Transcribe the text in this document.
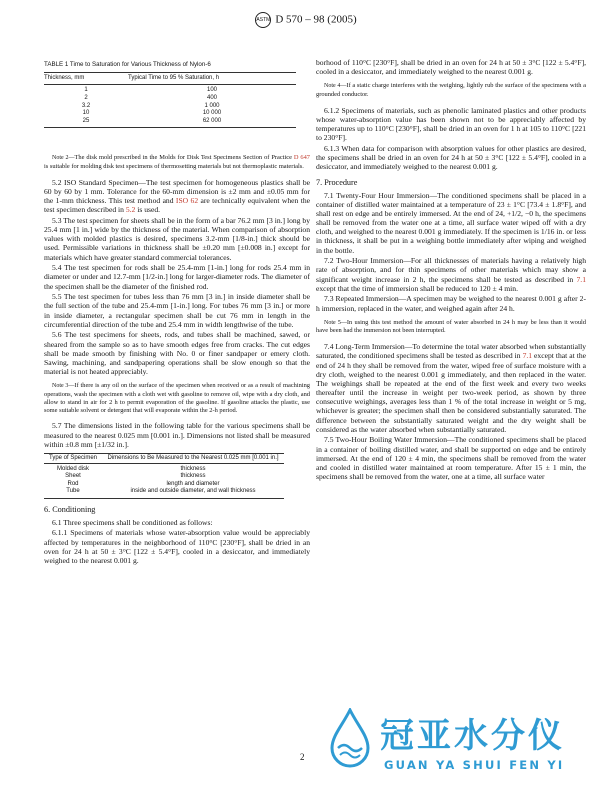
ASTM D 570 – 98 (2005)
TABLE 1 Time to Saturation for Various Thickness of Nylon-6
Thickness, mm	Typical Time to 95 % Saturation, h
1	100
2	400
3.2	1 000
10	10 000
25	62 000

Note 2—The disk mold prescribed in the Molds for Disk Test Specimens Section of Practice D 647 is suitable for molding disk test specimens of thermosetting materials but not thermoplastic materials.

5.2 ISO Standard Specimen—The test specimen for homogeneous plastics shall be 60 by 60 by 1 mm. Tolerance for the 60-mm dimension is ±2 mm and ±0.05 mm for the 1-mm thickness. This test method and ISO 62 are technically equivalent when the test specimen described in 5.2 is used.

5.3 The test specimen for sheets shall be in the form of a bar 76.2 mm [3 in.] long by 25.4 mm [1 in.] wide by the thickness of the material. When comparison of absorption values with molded plastics is desired, specimens 3.2-mm [1/8-in.] thick should be used. Permissible variations in thickness shall be ±0.20 mm [±0.008 in.] except for materials which have greater standard commercial tolerances.

5.4 The test specimen for rods shall be 25.4-mm [1-in.] long for rods 25.4 mm in diameter or under and 12.7-mm [1/2-in.] long for larger-diameter rods. The diameter of the specimen shall be the diameter of the finished rod.

5.5 The test specimen for tubes less than 76 mm [3 in.] in inside diameter shall be the full section of the tube and 25.4-mm [1-in.] long. For tubes 76 mm [3 in.] or more in inside diameter, a rectangular specimen shall be cut 76 mm in length in the circumferential direction of the tube and 25.4 mm in width lengthwise of the tube.

5.6 The test specimens for sheets, rods, and tubes shall be machined, sawed, or sheared from the sample so as to have smooth edges free from cracks. The cut edges shall be made smooth by finishing with No. 0 or finer sandpaper or emery cloth. Sawing, machining, and sandpapering operations shall be slow enough so that the material is not heated appreciably.

Note 3—If there is any oil on the surface of the specimen when received or as a result of machining operations, wash the specimen with a cloth wet with gasoline to remove oil, wipe with a dry cloth, and allow to stand in air for 2 h to permit evaporation of the gasoline. If gasoline attacks the plastic, use some suitable solvent or detergent that will evaporate within the 2-h period.

5.7 The dimensions listed in the following table for the various specimens shall be measured to the nearest 0.025 mm [0.001 in.]. Dimensions not listed shall be measured within ±0.8 mm [±1/32 in.].

Type of Specimen	Dimensions to Be Measured to the Nearest 0.025 mm [0.001 in.]
Molded disk	thickness
Sheet	thickness
Rod	length and diameter
Tube	inside and outside diameter, and wall thickness
6. Conditioning

6.1 Three specimens shall be conditioned as follows:

6.1.1 Specimens of materials whose water-absorption value would be appreciably affected by temperatures in the neighborhood of 110°C [230°F], shall be dried in an oven for 24 h at 50 ± 3°C [122 ± 5.4°F], cooled in a desiccator, and immediately weighed to the nearest 0.001 g.

borhood of 110°C [230°F], shall be dried in an oven for 24 h at 50 ± 3°C [122 ± 5.4°F], cooled in a desiccator, and immediately weighed to the nearest 0.001 g.

Note 4—If a static charge interferes with the weighing, lightly rub the surface of the specimens with a grounded conductor.

6.1.2 Specimens of materials, such as phenolic laminated plastics and other products whose water-absorption value has been shown not to be appreciably affected by temperatures up to 110°C [230°F], shall be dried in an oven for 1 h at 105 to 110°C [221 to 230°F].

6.1.3 When data for comparison with absorption values for other plastics are desired, the specimens shall be dried in an oven for 24 h at 50 ± 3°C [122 ± 5.4°F], cooled in a desiccator, and immediately weighed to the nearest 0.001 g.

7. Procedure

7.1 Twenty-Four Hour Immersion—The conditioned specimens shall be placed in a container of distilled water maintained at a temperature of 23 ± 1°C [73.4 ± 1.8°F], and shall rest on edge and be entirely immersed. At the end of 24, +1/2, −0 h, the specimens shall be removed from the water one at a time, all surface water wiped off with a dry cloth, and weighed to the nearest 0.001 g immediately. If the specimen is 1/16 in. or less in thickness, it shall be put in a weighing bottle immediately after wiping and weighed in the bottle.

7.2 Two-Hour Immersion—For all thicknesses of materials having a relatively high rate of absorption, and for thin specimens of other materials which may show a significant weight increase in 2 h, the specimens shall be tested as described in 7.1 except that the time of immersion shall be reduced to 120 ± 4 min.

7.3 Repeated Immersion—A specimen may be weighed to the nearest 0.001 g after 2-h immersion, replaced in the water, and weighed again after 24 h.

Note 5—In using this test method the amount of water absorbed in 24 h may be less than it would have been had the immersion not been interrupted.

7.4 Long-Term Immersion—To determine the total water absorbed when substantially saturated, the conditioned specimens shall be tested as described in 7.1 except that at the end of 24 h they shall be removed from the water, wiped free of surface moisture with a dry cloth, weighed to the nearest 0.001 g immediately, and then replaced in the water. The weighings shall be repeated at the end of the first week and every two weeks thereafter until the increase in weight per two-week period, as shown by three consecutive weighings, averages less than 1 % of the total increase in weight or 5 mg, whichever is greater; the specimen shall then be considered substantially saturated. The difference between the substantially saturated weight and the dry weight shall be considered as the water absorbed when substantially saturated.

7.5 Two-Hour Boiling Water Immersion—The conditioned specimens shall be placed in a container of boiling distilled water, and shall be supported on edge and be entirely immersed. At the end of 120 ± 4 min, the specimens shall be removed from the water and cooled in distilled water maintained at room temperature. After 15 ± 1 min, the specimens shall be removed from the water, one at a time, all surface water

2
冠亚水分仪
GUAN YA SHUI FEN YI
